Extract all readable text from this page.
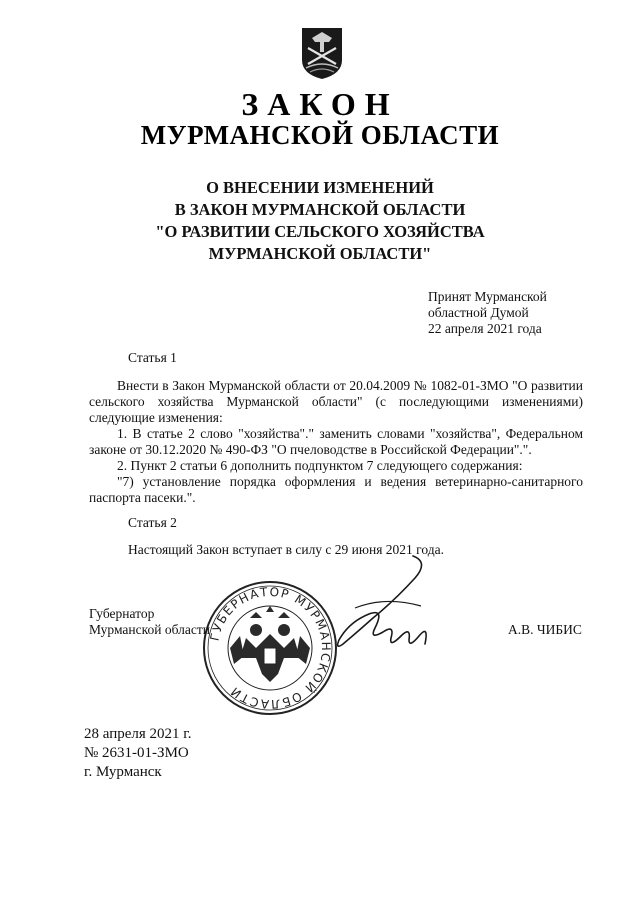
ЗАКОН
МУРМАНСКОЙ ОБЛАСТИ
О ВНЕСЕНИИ ИЗМЕНЕНИЙ
В ЗАКОН МУРМАНСКОЙ ОБЛАСТИ
"О РАЗВИТИИ СЕЛЬСКОГО ХОЗЯЙСТВА
МУРМАНСКОЙ ОБЛАСТИ"
Принят Мурманской
областной Думой
22 апреля 2021 года
Статья 1

Внести в Закон Мурманской области от 20.04.2009 № 1082-01-ЗМО "О развитии сельского хозяйства Мурманской области" (с последующими изменениями) следующие изменения:

1. В статье 2 слово "хозяйства"." заменить словами "хозяйства", Федеральном законе от 30.12.2020 № 490-ФЗ "О пчеловодстве в Российской Федерации".".

2. Пункт 2 статьи 6 дополнить подпунктом 7 следующего содержания:

"7) установление порядка оформления и ведения ветеринарно-санитарного паспорта пасеки.".

Статья 2
Настоящий Закон вступает в силу с 29 июня 2021 года.
ГУБЕРНАТОР МУРМАНСКОЙ ОБЛАСТИ
Губернатор
Мурманской области	А.В. ЧИБИС
28 апреля 2021 г.
№ 2631-01-ЗМО
г. Мурманск
